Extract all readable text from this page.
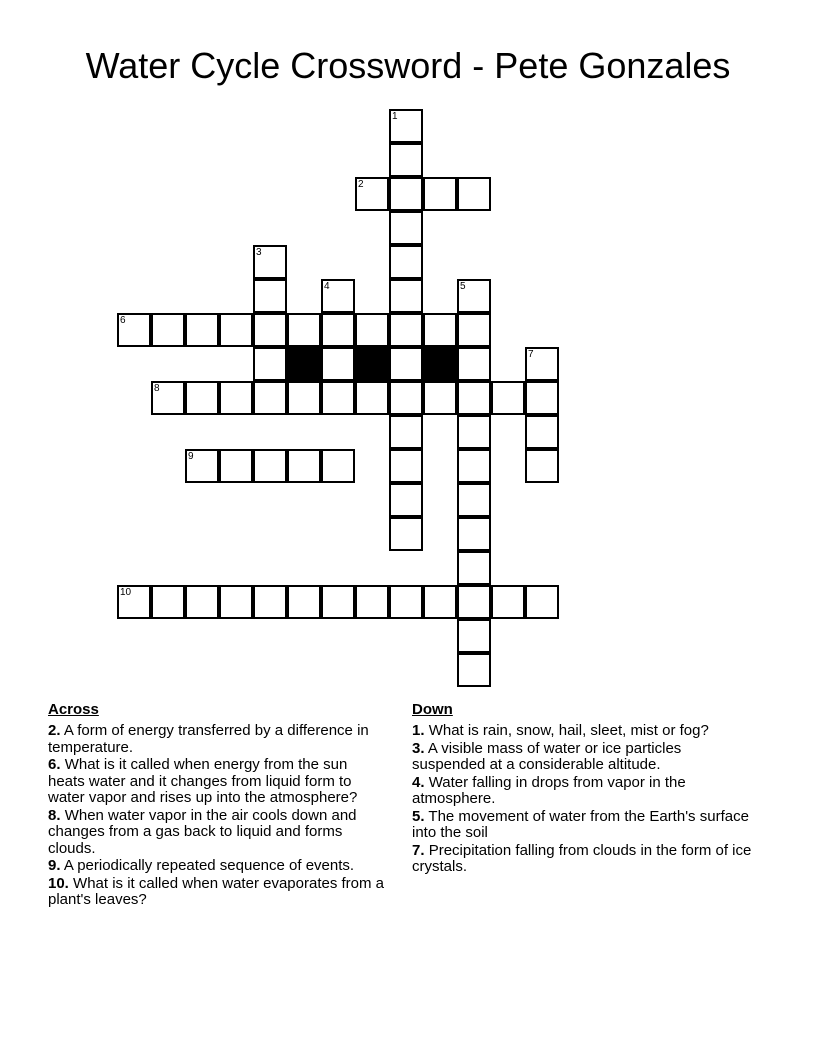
Water Cycle Crossword - Pete Gonzales
1
2
3
4	5
6
7
8
9
10
Across
2. A form of energy transferred by a difference in temperature.
6. What is it called when energy from the sun heats water and it changes from liquid form to water vapor and rises up into the atmosphere?
8. When water vapor in the air cools down and changes from a gas back to liquid and forms clouds.
9. A periodically repeated sequence of events.
10. What is it called when water evaporates from a plant's leaves?
Down
1. What is rain, snow, hail, sleet, mist or fog?
3. A visible mass of water or ice particles suspended at a considerable altitude.
4. Water falling in drops from vapor in the atmosphere.
5. The movement of water from the Earth's surface into the soil
7. Precipitation falling from clouds in the form of ice crystals.
